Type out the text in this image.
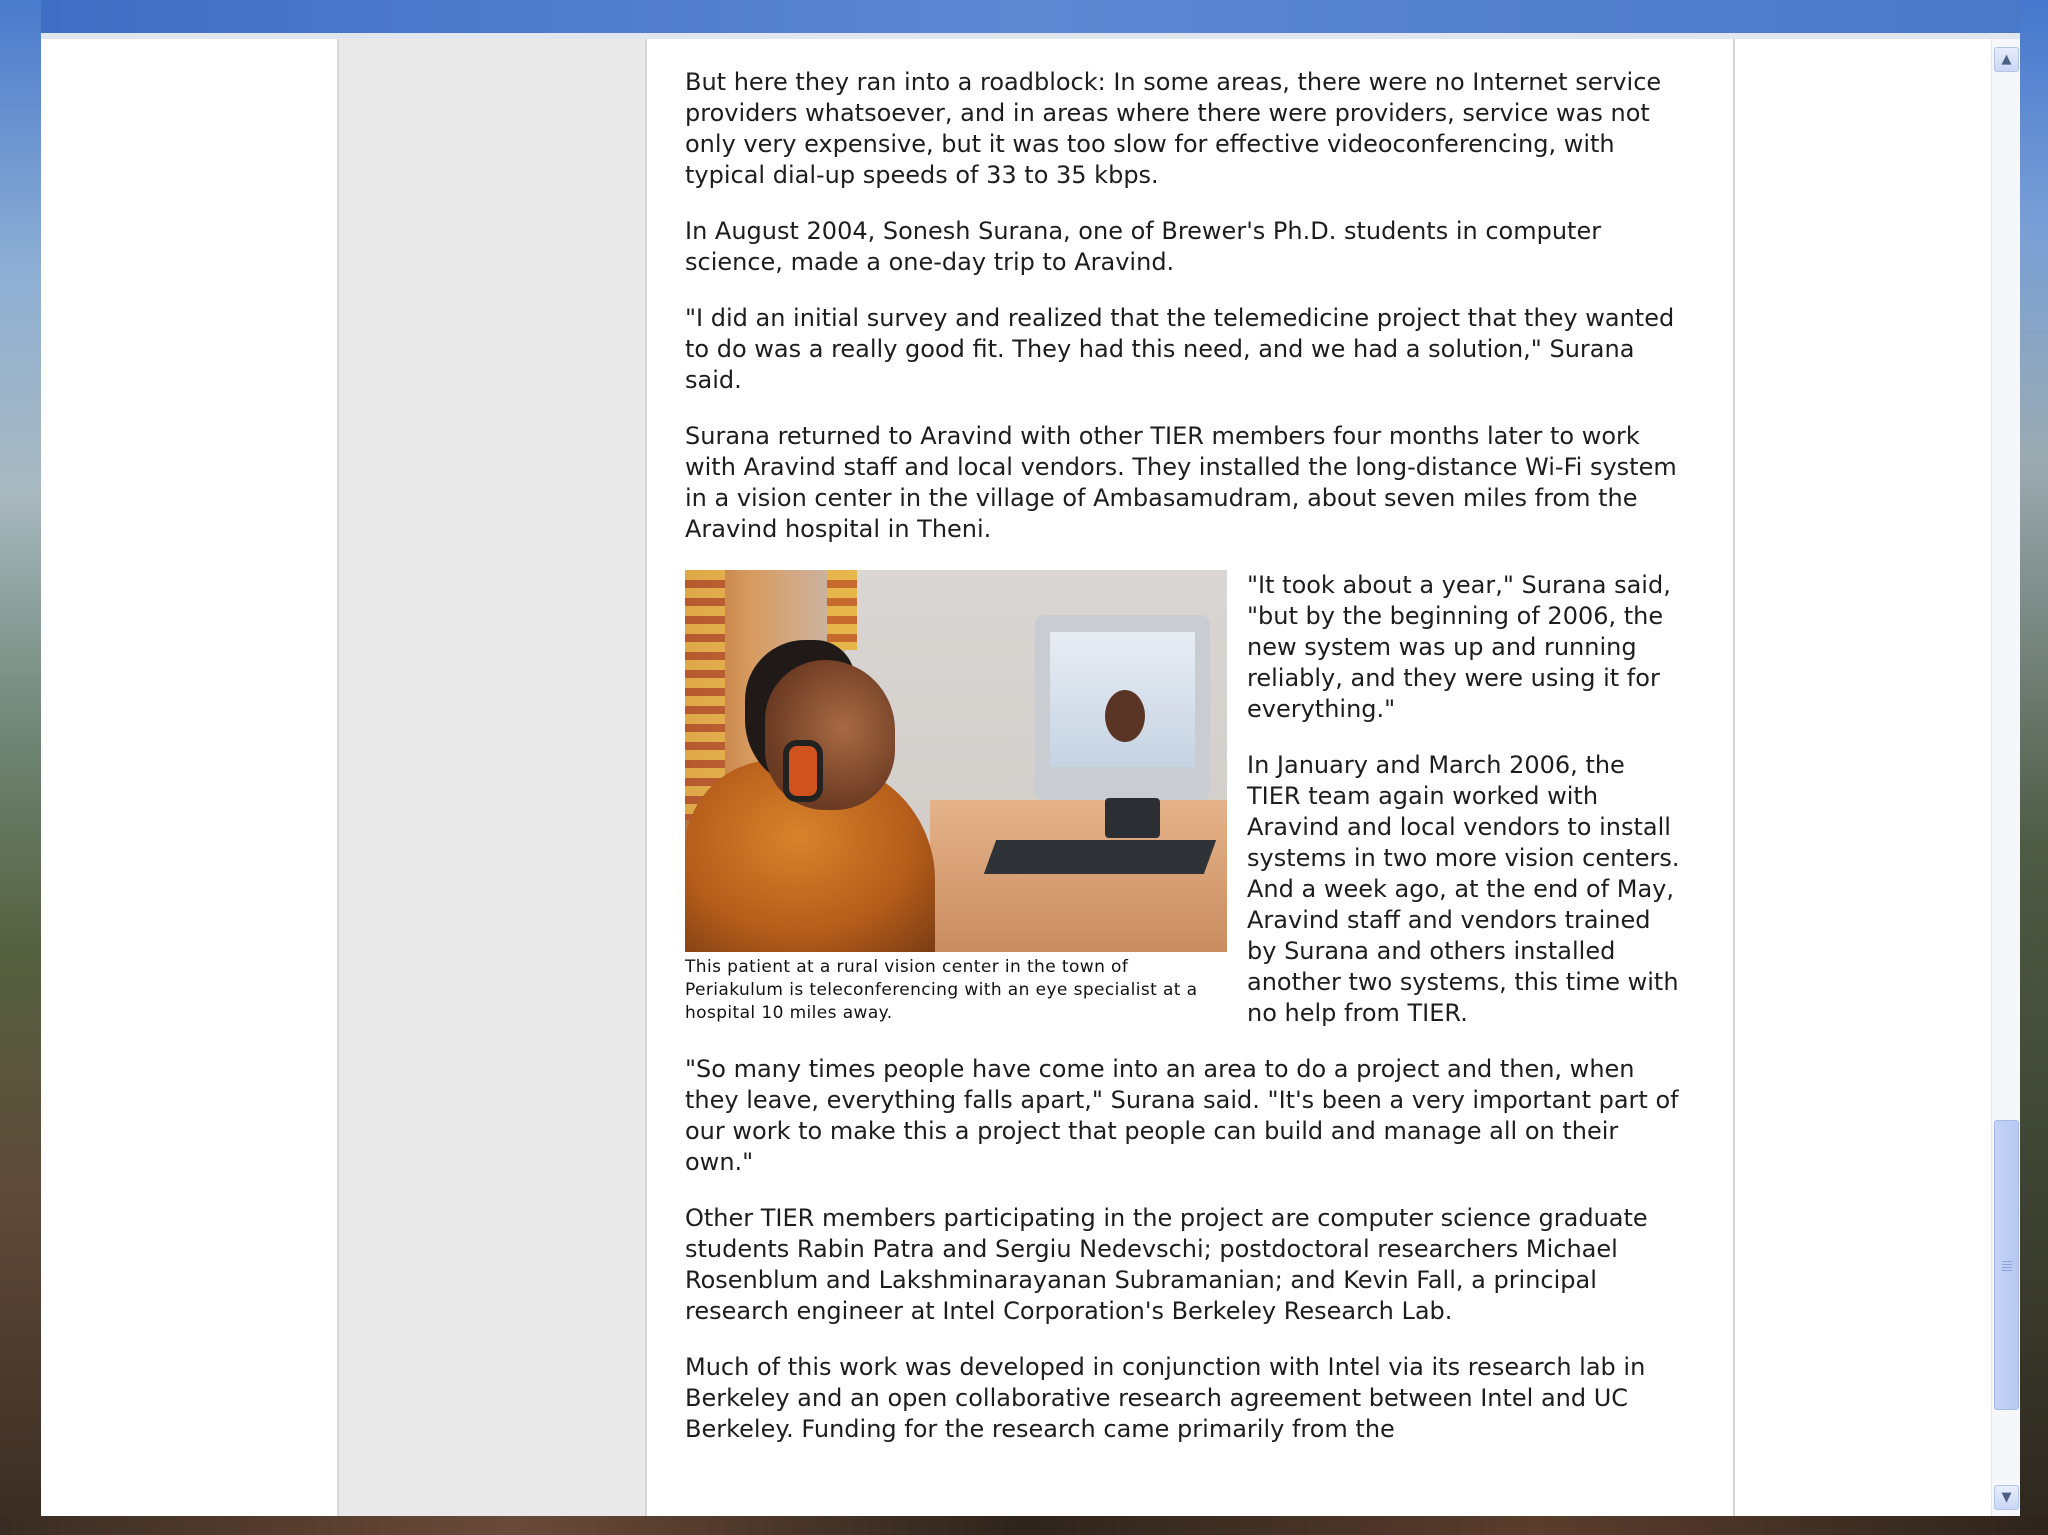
But here they ran into a roadblock: In some areas, there were no Internet service providers whatsoever, and in areas where there were providers, service was not only very expensive, but it was too slow for effective videoconferencing, with typical dial-up speeds of 33 to 35 kbps.

In August 2004, Sonesh Surana, one of Brewer's Ph.D. students in computer science, made a one-day trip to Aravind.

"I did an initial survey and realized that the telemedicine project that they wanted to do was a really good fit. They had this need, and we had a solution," Surana said.

Surana returned to Aravind with other TIER members four months later to work with Aravind staff and local vendors. They installed the long-distance Wi-Fi system in a vision center in the village of Ambasamudram, about seven miles from the Aravind hospital in Theni.

This patient at a rural vision center in the town of Periakulum is teleconferencing with an eye specialist at a hospital 10 miles away.

"It took about a year," Surana said, "but by the beginning of 2006, the new system was up and running reliably, and they were using it for everything."

In January and March 2006, the TIER team again worked with Aravind and local vendors to install systems in two more vision centers. And a week ago, at the end of May, Aravind staff and vendors trained by Surana and others installed another two systems, this time with no help from TIER.

"So many times people have come into an area to do a project and then, when they leave, everything falls apart," Surana said. "It's been a very important part of our work to make this a project that people can build and manage all on their own."

Other TIER members participating in the project are computer science graduate students Rabin Patra and Sergiu Nedevschi; postdoctoral researchers Michael Rosenblum and Lakshminarayanan Subramanian; and Kevin Fall, a principal research engineer at Intel Corporation's Berkeley Research Lab.

Much of this work was developed in conjunction with Intel via its research lab in Berkeley and an open collaborative research agreement between Intel and UC Berkeley. Funding for the research came primarily from the

▲
▼
